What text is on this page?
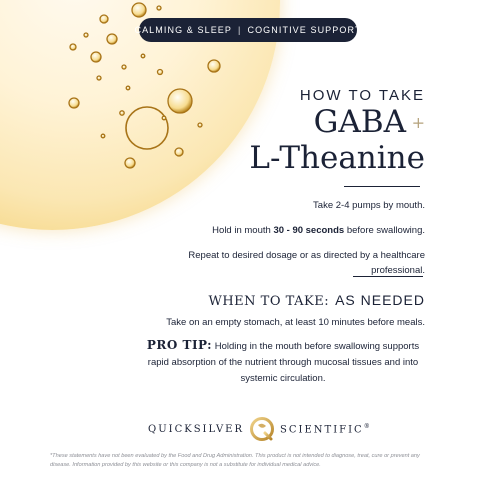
CALMING & SLEEP | COGNITIVE SUPPORT
HOW TO TAKE
GABA +
L-Theanine

Take 2-4 pumps by mouth.

Hold in mouth 30 - 90 seconds before swallowing.

Repeat to desired dosage or as directed by a healthcare professional.

WHEN TO TAKE: AS NEEDED
Take on an empty stomach, at least 10 minutes before meals.
PRO TIP: Holding in the mouth before swallowing supports rapid absorption of the nutrient through mucosal tissues and into systemic circulation.
QUICKSILVER	SCIENTIFIC®
*These statements have not been evaluated by the Food and Drug Administration. This product is not intended to diagnose, treat, cure or prevent any disease. Information provided by this website or this company is not a substitute for individual medical advice.
